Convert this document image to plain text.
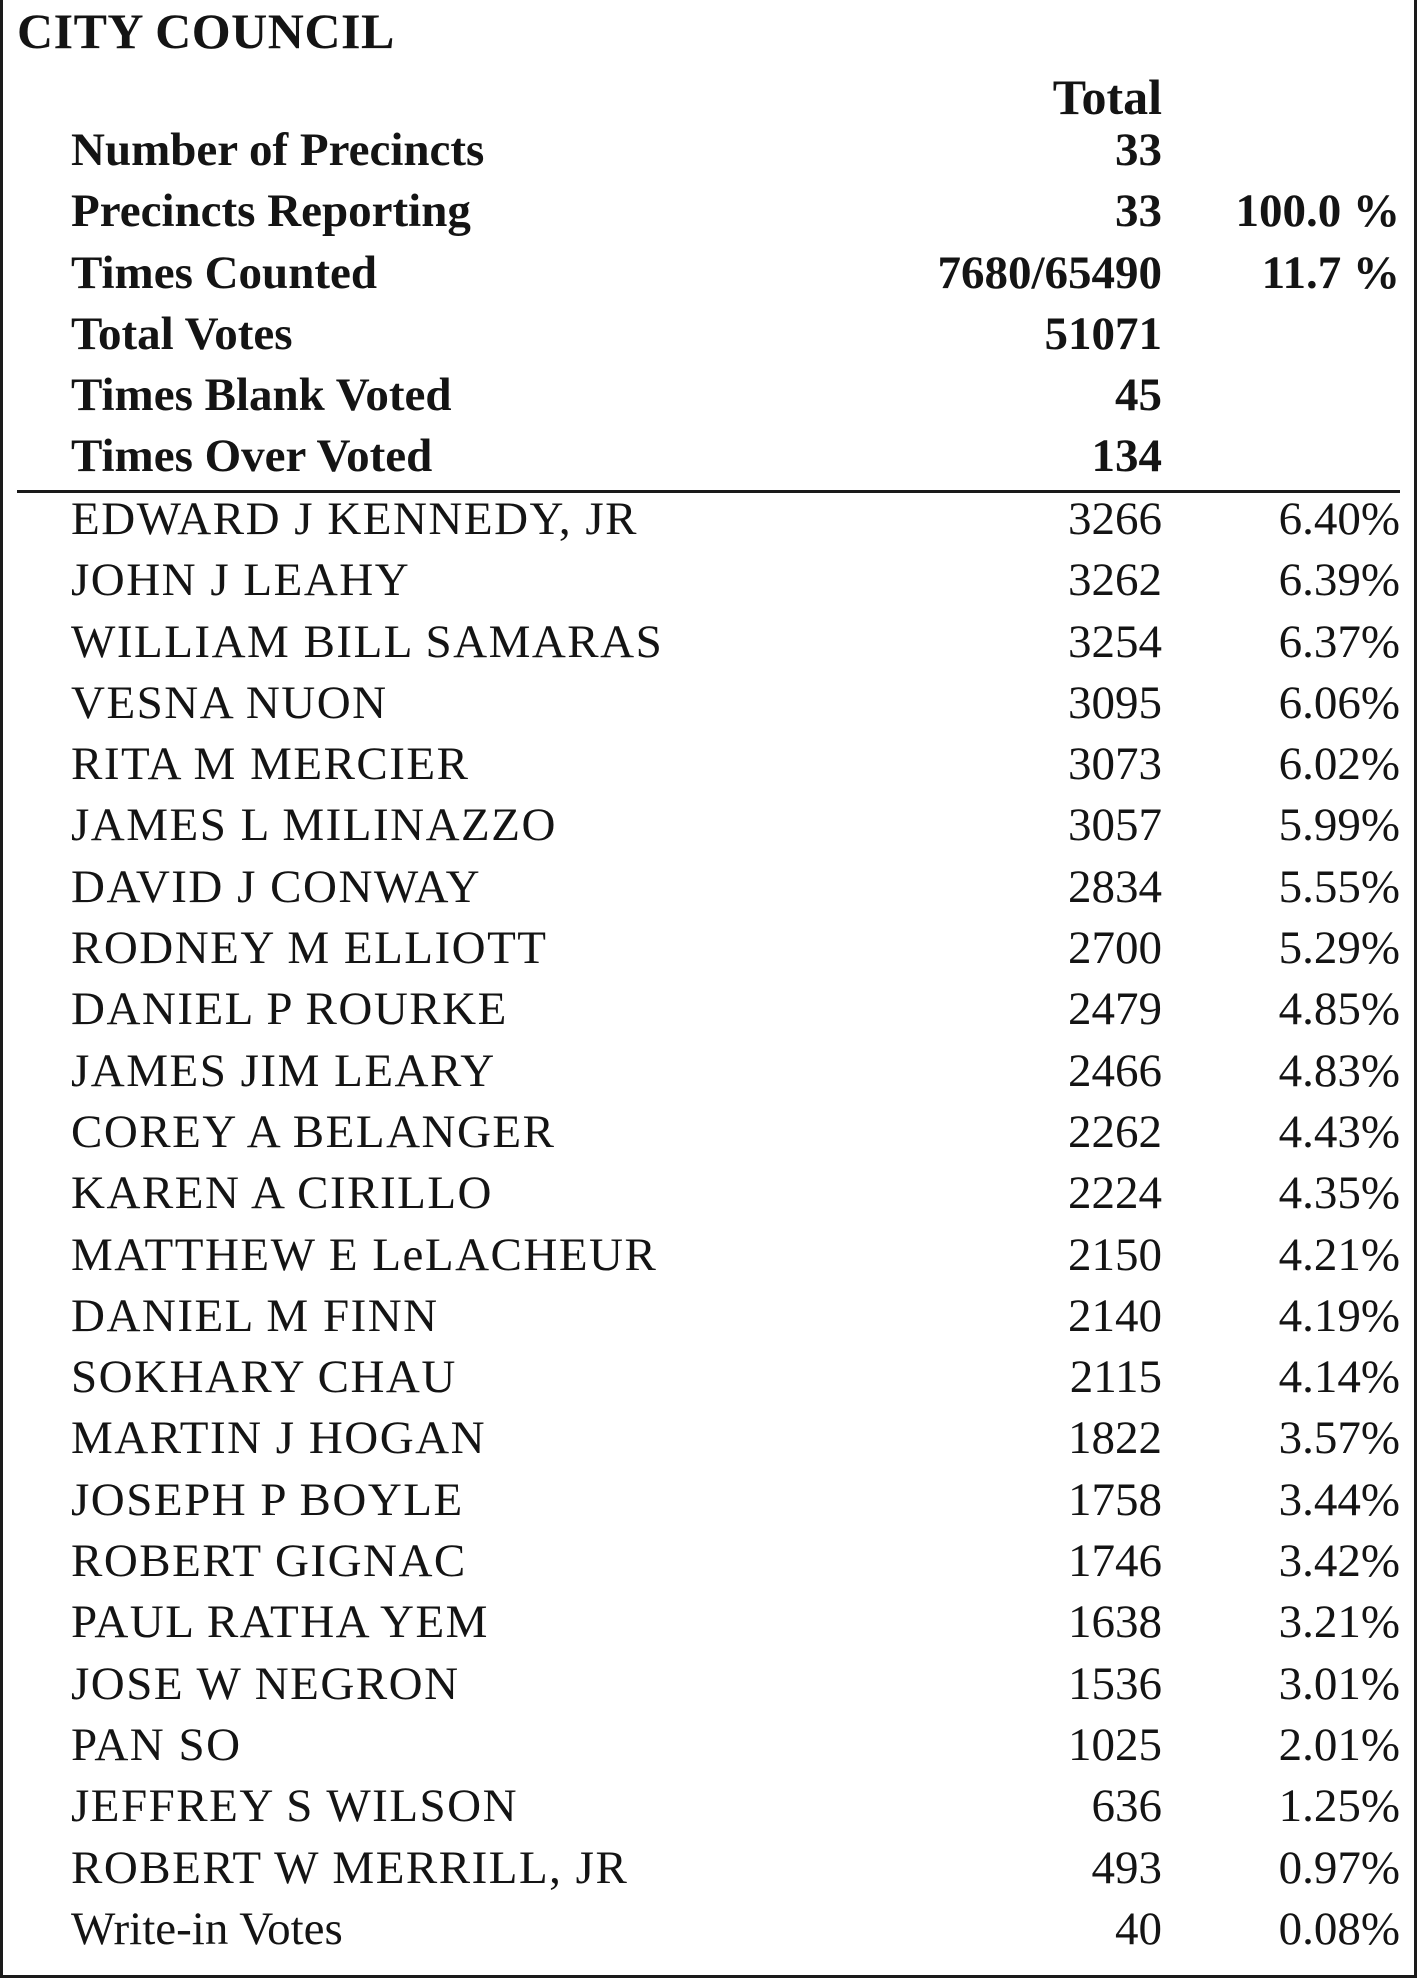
CITY COUNCIL
Total
Number of Precincts	33
Precincts Reporting	33 100.0 %
Times Counted	7680/65490 11.7 %
Total Votes	51071
Times Blank Voted	45
Times Over Voted	134
EDWARD J KENNEDY, JR	3266 6.40%
JOHN J LEAHY	3262 6.39%
WILLIAM BILL SAMARAS	3254 6.37%
VESNA NUON	3095 6.06%
RITA M MERCIER	3073 6.02%
JAMES L MILINAZZO	3057 5.99%
DAVID J CONWAY	2834 5.55%
RODNEY M ELLIOTT	2700 5.29%
DANIEL P ROURKE	2479 4.85%
JAMES JIM LEARY	2466 4.83%
COREY A BELANGER	2262 4.43%
KAREN A CIRILLO	2224 4.35%
MATTHEW E LeLACHEUR	2150 4.21%
DANIEL M FINN	2140 4.19%
SOKHARY CHAU	2115 4.14%
MARTIN J HOGAN	1822 3.57%
JOSEPH P BOYLE	1758 3.44%
ROBERT GIGNAC	1746 3.42%
PAUL RATHA YEM	1638 3.21%
JOSE W NEGRON	1536 3.01%
PAN SO	1025 2.01%
JEFFREY S WILSON	636 1.25%
ROBERT W MERRILL, JR	493 0.97%
Write-in Votes	40 0.08%
